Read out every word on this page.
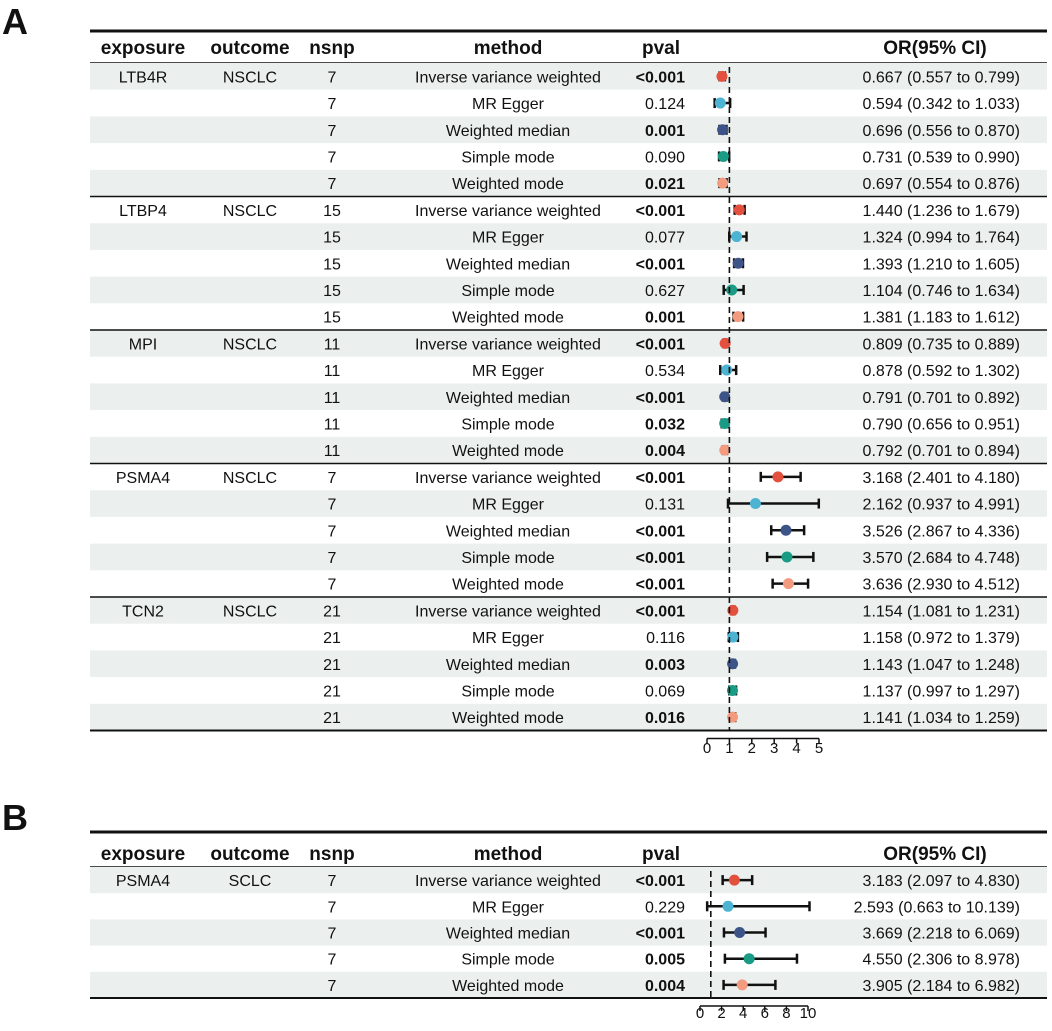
A
exposure outcome nsnp	method	pval	OR(95% CI)
LTB4R	NSCLC	7	Inverse variance weighted <0.001	0.667 (0.557 to 0.799)
7	MR Egger	0.124	0.594 (0.342 to 1.033)
7	Weighted median	0.001	0.696 (0.556 to 0.870)
7	Simple mode	0.090	0.731 (0.539 to 0.990)
7	Weighted mode	0.021	0.697 (0.554 to 0.876)
LTBP4	NSCLC	15	Inverse variance weighted <0.001	1.440 (1.236 to 1.679)
15	MR Egger	0.077	1.324 (0.994 to 1.764)
15	Weighted median	<0.001	1.393 (1.210 to 1.605)
15	Simple mode	0.627	1.104 (0.746 to 1.634)
15	Weighted mode	0.001	1.381 (1.183 to 1.612)
MPI	NSCLC	11	Inverse variance weighted <0.001	0.809 (0.735 to 0.889)
11	MR Egger	0.534	0.878 (0.592 to 1.302)
11	Weighted median	<0.001	0.791 (0.701 to 0.892)
11	Simple mode	0.032	0.790 (0.656 to 0.951)
11	Weighted mode	0.004	0.792 (0.701 to 0.894)
PSMA4	NSCLC	7	Inverse variance weighted <0.001	3.168 (2.401 to 4.180)
7	MR Egger	0.131	2.162 (0.937 to 4.991)
7	Weighted median	<0.001	3.526 (2.867 to 4.336)
7	Simple mode	<0.001	3.570 (2.684 to 4.748)
7	Weighted mode	<0.001	3.636 (2.930 to 4.512)
TCN2	NSCLC	21	Inverse variance weighted <0.001	1.154 (1.081 to 1.231)
21	MR Egger	0.116	1.158 (0.972 to 1.379)
21	Weighted median	0.003	1.143 (1.047 to 1.248)
21	Simple mode	0.069	1.137 (0.997 to 1.297)
21	Weighted mode	0.016	1.141 (1.034 to 1.259)
0 1 2 3 4 5
B
exposure outcome nsnp	method	pval	OR(95% CI)
PSMA4	SCLC	7	Inverse variance weighted <0.001	3.183 (2.097 to 4.830)
7	MR Egger	0.229	2.593 (0.663 to 10.139)
7	Weighted median	<0.001	3.669 (2.218 to 6.069)
7	Simple mode	0.005	4.550 (2.306 to 8.978)
7	Weighted mode	0.004	3.905 (2.184 to 6.982)
0 2 4 6 8 10
